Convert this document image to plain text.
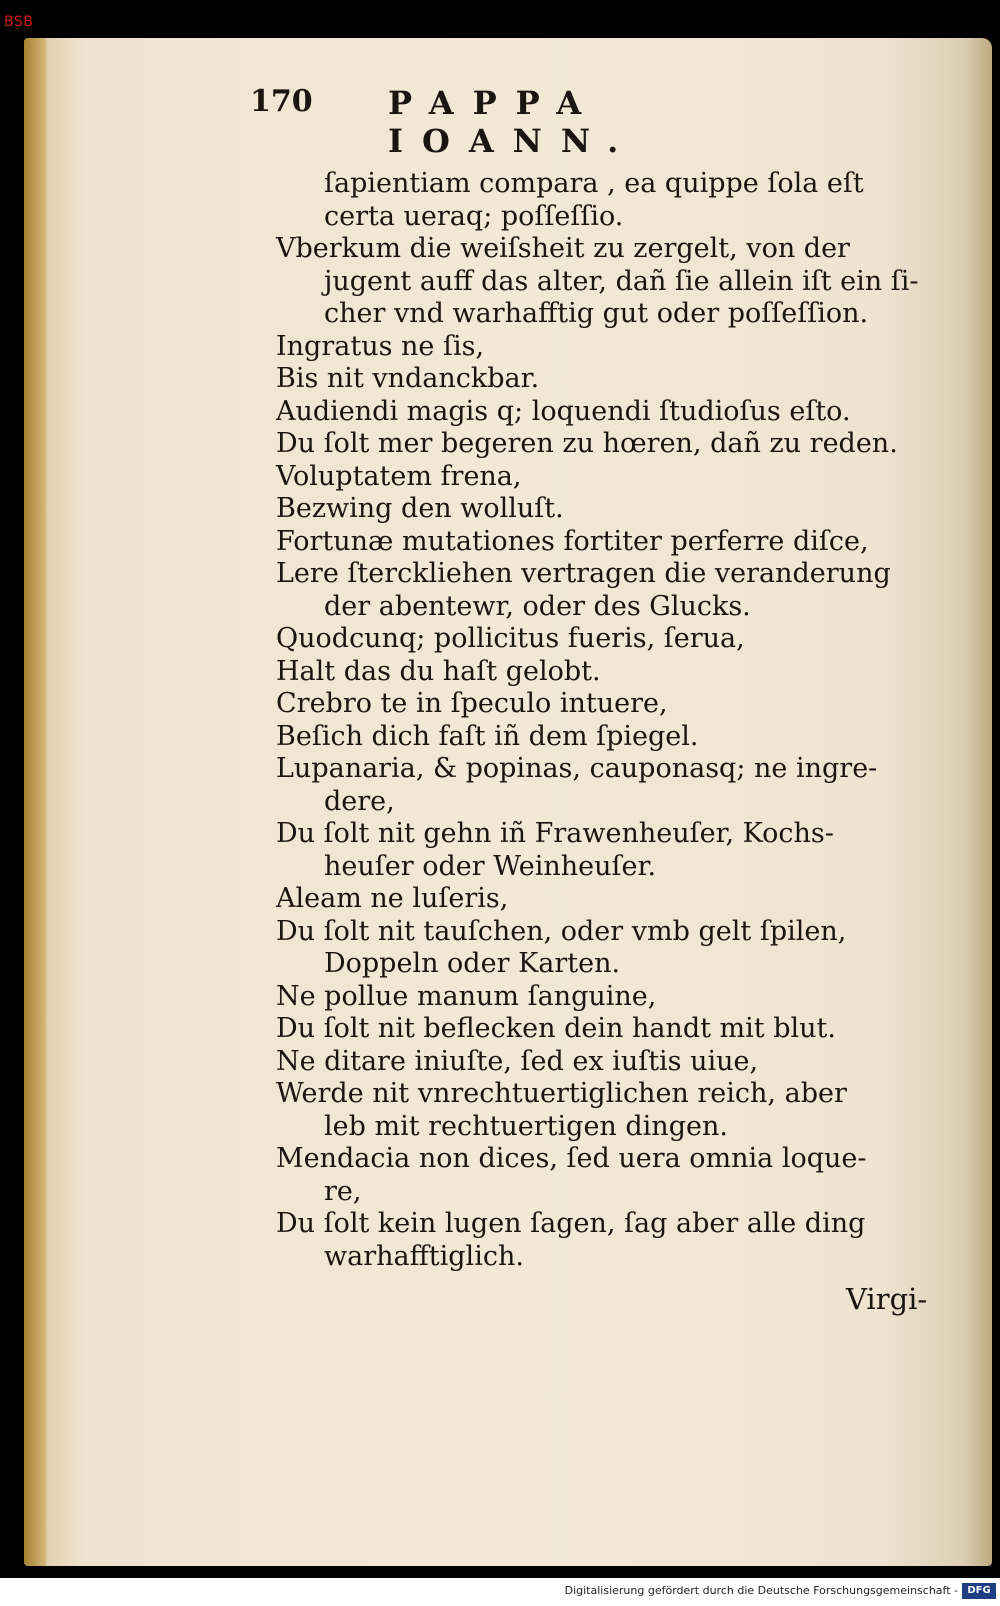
BSB
170 PAPPA IOANN.
ſapientiam compara , ea quippe ſola eſt
certa ueraq; poſſeſſio.
Vberkum die weiſsheit zu zergelt, von der
jugent auff das alter, dañ ſie allein iſt ein ſi-
cher vnd warhafftig gut oder poſſeſſion.
Ingratus ne ſis,
Bis nit vndanckbar.
Audiendi magis q; loquendi ſtudioſus eſto.
Du ſolt mer begeren zu hœren, dañ zu reden.
Voluptatem frena,
Bezwing den wolluſt.
Fortunæ mutationes fortiter perferre diſce,
Lere ſterckliehen vertragen die veranderung
der abentewr, oder des Glucks.
Quodcunq; pollicitus fueris, ſerua,
Halt das du haſt gelobt.
Crebro te in ſpeculo intuere,
Beſich dich faſt iñ dem ſpiegel.
Lupanaria, & popinas, cauponasq; ne ingre-
dere,
Du ſolt nit gehn iñ Frawenheuſer, Kochs-
heuſer oder Weinheuſer.
Aleam ne luſeris,
Du ſolt nit tauſchen, oder vmb gelt ſpilen,
Doppeln oder Karten.
Ne pollue manum ſanguine,
Du ſolt nit beflecken dein handt mit blut.
Ne ditare iniuſte, ſed ex iuſtis uiue,
Werde nit vnrechtuertiglichen reich, aber
leb mit rechtuertigen dingen.
Mendacia non dices, ſed uera omnia loque-
re,
Du ſolt kein lugen ſagen, ſag aber alle ding
warhafftiglich.
Virgi-
Digitalisierung gefördert durch die Deutsche Forschungsgemeinschaft - DFG
